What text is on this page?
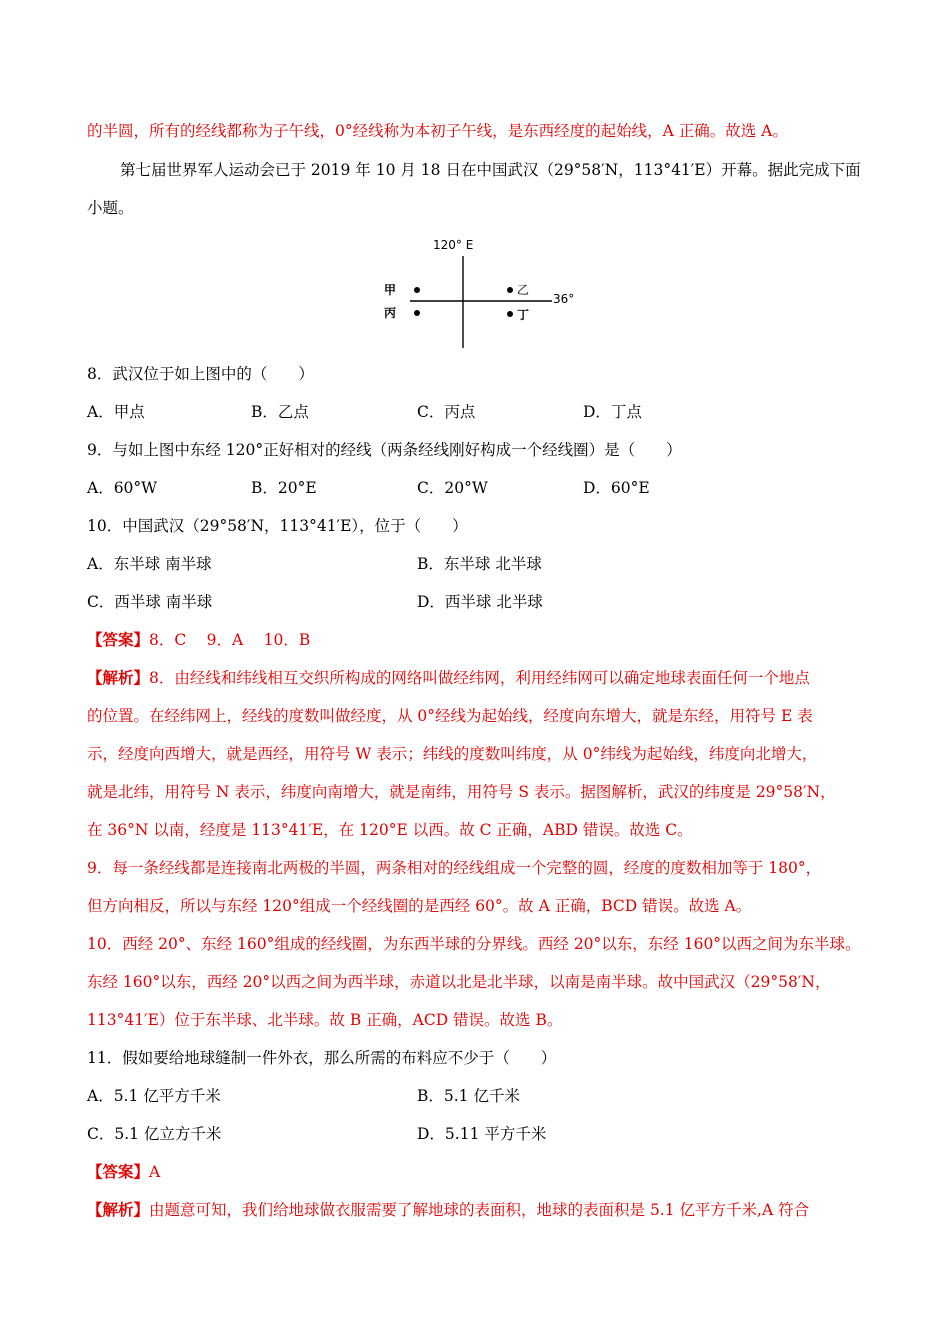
的半圆，所有的经线都称为子午线，0°经线称为本初子午线，是东西经度的起始线，A 正确。故选 A。
第七届世界军人运动会已于 2019 年 10 月 18 日在中国武汉（29°58′N，113°41′E）开幕。据此完成下面
小题。
120° E
36°
甲
丙
乙
丁
8．武汉位于如上图中的（　　）
A．甲点	B．乙点	C．丙点	D．丁点
9．与如上图中东经 120°正好相对的经线（两条经线刚好构成一个经线圈）是（　　）
A．60°W	B．20°E	C．20°W	D．60°E
10．中国武汉（29°58′N，113°41′E），位于（　　）
A．东半球 南半球	B．东半球 北半球
C．西半球 南半球	D．西半球 北半球
【答案】8．C　 9．A　 10．B
【解析】8．由经线和纬线相互交织所构成的网络叫做经纬网，利用经纬网可以确定地球表面任何一个地点
的位置。在经纬网上，经线的度数叫做经度，从 0°经线为起始线，经度向东增大，就是东经，用符号 E 表
示，经度向西增大，就是西经，用符号 W 表示；纬线的度数叫纬度，从 0°纬线为起始线，纬度向北增大，
就是北纬，用符号 N 表示，纬度向南增大，就是南纬，用符号 S 表示。据图解析，武汉的纬度是 29°58′N，
在 36°N 以南，经度是 113°41′E，在 120°E 以西。故 C 正确，ABD 错误。故选 C。
9．每一条经线都是连接南北两极的半圆，两条相对的经线组成一个完整的圆，经度的度数相加等于 180°，
但方向相反，所以与东经 120°组成一个经线圈的是西经 60°。故 A 正确，BCD 错误。故选 A。
10．西经 20°、东经 160°组成的经线圈，为东西半球的分界线。西经 20°以东，东经 160°以西之间为东半球。
东经 160°以东，西经 20°以西之间为西半球，赤道以北是北半球，以南是南半球。故中国武汉（29°58′N，
113°41′E）位于东半球、北半球。故 B 正确，ACD 错误。故选 B。
11．假如要给地球缝制一件外衣，那么所需的布料应不少于（　　）
A．5.1 亿平方千米	B．5.1 亿千米
C．5.1 亿立方千米	D．5.11 平方千米
【答案】A
【解析】由题意可知，我们给地球做衣服需要了解地球的表面积，地球的表面积是 5.1 亿平方千米,A 符合
